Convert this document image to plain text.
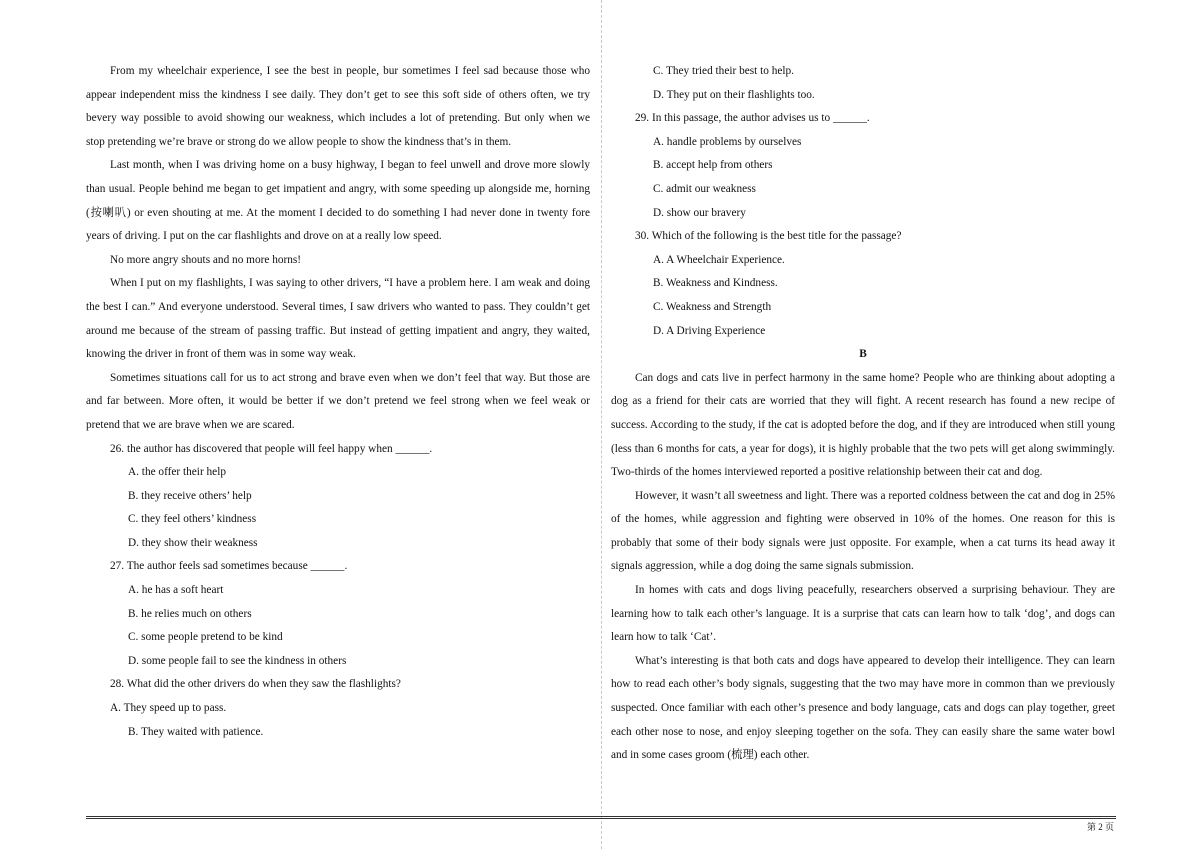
From my wheelchair experience, I see the best in people, bur sometimes I feel sad because those who appear independent miss the kindness I see daily. They don’t get to see this soft side of others often, we try bevery way possible to avoid showing our weakness, which includes a lot of pretending. But only when we stop pretending we’re brave or strong do we allow people to show the kindness that’s in them.

Last month, when I was driving home on a busy highway, I began to feel unwell and drove more slowly than usual. People behind me began to get impatient and angry, with some speeding up alongside me, horning (按喇叭) or even shouting at me. At the moment I decided to do something I had never done in twenty fore years of driving. I put on the car flashlights and drove on at a really low speed.

No more angry shouts and no more horns!

When I put on my flashlights, I was saying to other drivers, “I have a problem here. I am weak and doing the best I can.” And everyone understood. Several times, I saw drivers who wanted to pass. They couldn’t get around me because of the stream of passing traffic. But instead of getting impatient and angry, they waited, knowing the driver in front of them was in some way weak.

Sometimes situations call for us to act strong and brave even when we don’t feel that way. But those are and far between. More often, it would be better if we don’t pretend we feel strong when we feel weak or pretend that we are brave when we are scared.

26. the author has discovered that people will feel happy when ______.

A. the offer their help

B. they receive others’ help

C. they feel others’ kindness

D. they show their weakness

27. The author feels sad sometimes because ______.

A. he has a soft heart

B. he relies much on others

C. some people pretend to be kind

D. some people fail to see the kindness in others

28. What did the other drivers do when they saw the flashlights?

A. They speed up to pass.

B. They waited with patience.

C. They tried their best to help.

D. They put on their flashlights too.

29. In this passage, the author advises us to ______.

A. handle problems by ourselves

B. accept help from others

C. admit our weakness

D. show our bravery

30. Which of the following is the best title for the passage?

A. A Wheelchair Experience.

B. Weakness and Kindness.

C. Weakness and Strength

D. A Driving Experience

B

Can dogs and cats live in perfect harmony in the same home? People who are thinking about adopting a dog as a friend for their cats are worried that they will fight. A recent research has found a new recipe of success. According to the study, if the cat is adopted before the dog, and if they are introduced when still young (less than 6 months for cats, a year for dogs), it is highly probable that the two pets will get along swimmingly. Two-thirds of the homes interviewed reported a positive relationship between their cat and dog.

However, it wasn’t all sweetness and light. There was a reported coldness between the cat and dog in 25% of the homes, while aggression and fighting were observed in 10% of the homes. One reason for this is probably that some of their body signals were just opposite. For example, when a cat turns its head away it signals aggression, while a dog doing the same signals submission.

In homes with cats and dogs living peacefully, researchers observed a surprising behaviour. They are learning how to talk each other’s language. It is a surprise that cats can learn how to talk ‘dog’, and dogs can learn how to talk ‘Cat’.

What’s interesting is that both cats and dogs have appeared to develop their intelligence. They can learn how to read each other’s body signals, suggesting that the two may have more in common than we previously suspected. Once familiar with each other’s presence and body language, cats and dogs can play together, greet each other nose to nose, and enjoy sleeping together on the sofa. They can easily share the same water bowl and in some cases groom (梳理) each other.

第 2 页
